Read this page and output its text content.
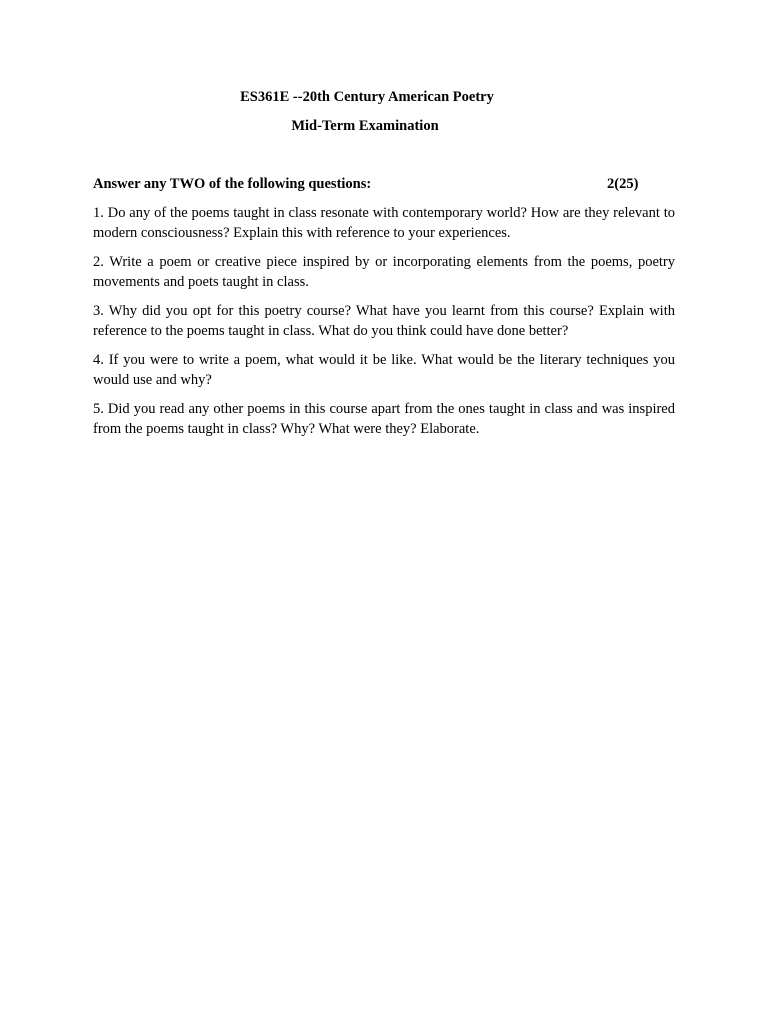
ES361E --20th Century American Poetry
Mid-Term Examination
Answer any TWO of the following questions:	2(25)
1. Do any of the poems taught in class resonate with contemporary world? How are they relevant to modern consciousness? Explain this with reference to your experiences.
2. Write a poem or creative piece inspired by or incorporating elements from the poems, poetry movements and poets taught in class.
3. Why did you opt for this poetry course? What have you learnt from this course? Explain with reference to the poems taught in class. What do you think could have done better?
4. If you were to write a poem, what would it be like. What would be the literary techniques you would use and why?
5. Did you read any other poems in this course apart from the ones taught in class and was inspired from the poems taught in class? Why? What were they? Elaborate.
